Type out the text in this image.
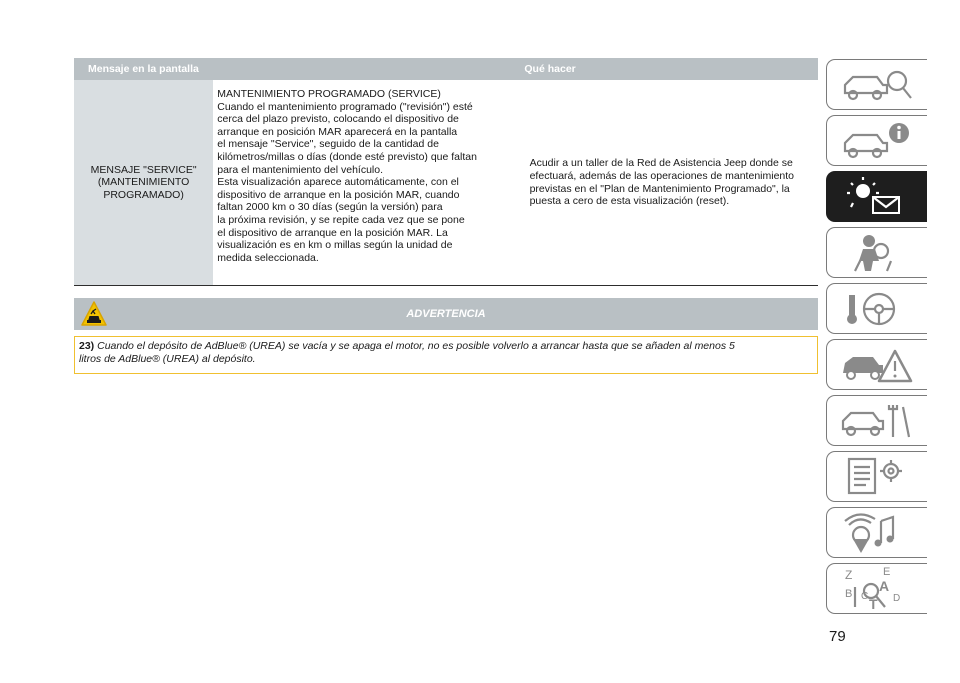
Mensaje en la pantalla	Qué hacer
MENSAJE "SERVICE"
(MANTENIMIENTO
PROGRAMADO)
MANTENIMIENTO PROGRAMADO (SERVICE)
Cuando el mantenimiento programado ("revisión") esté
cerca del plazo previsto, colocando el dispositivo de
arranque en posición MAR aparecerá en la pantalla
el mensaje "Service", seguido de la cantidad de
kilómetros/millas o días (donde esté previsto) que faltan
para el mantenimiento del vehículo.
Esta visualización aparece automáticamente, con el
dispositivo de arranque en la posición MAR, cuando
faltan 2000 km o 30 días (según la versión) para
la próxima revisión, y se repite cada vez que se pone
el dispositivo de arranque en la posición MAR. La
visualización es en km o millas según la unidad de
medida seleccionada.
Acudir a un taller de la Red de Asistencia Jeep donde se
efectuará, además de las operaciones de mantenimiento
previstas en el "Plan de Mantenimiento Programado", la
puesta a cero de esta visualización (reset).
ADVERTENCIA
23) Cuando el depósito de AdBlue® (UREA) se vacía y se apaga el motor, no es posible volverlo a arrancar hasta que se añaden al menos 5
litros de AdBlue® (UREA) al depósito.
Z	E
B A
C T D
79
